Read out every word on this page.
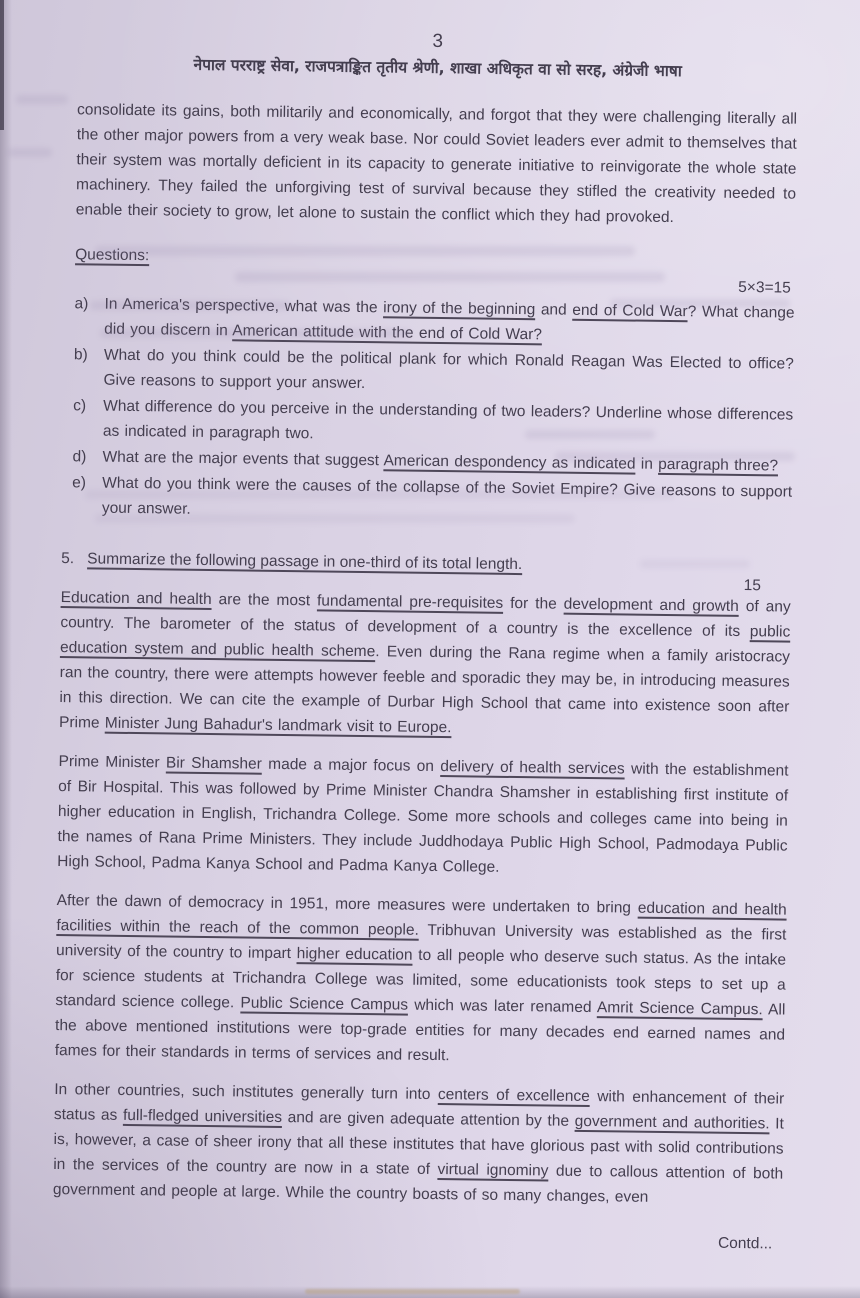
3
नेपाल परराष्ट्र सेवा, राजपत्राङ्कित तृतीय श्रेणी, शाखा अधिकृत वा सो सरह, अंग्रेजी भाषा

consolidate its gains, both militarily and economically, and forgot that they were challenging literally all the other major powers from a very weak base. Nor could Soviet leaders ever admit to themselves that their system was mortally deficient in its capacity to generate initiative to reinvigorate the whole state machinery. They failed the unforgiving test of survival because they stifled the creativity needed to enable their society to grow, let alone to sustain the conflict which they had provoked.

Questions:
5×3=15
a) In America's perspective, what was the irony of the beginning and end of Cold War? What change did you discern in American attitude with the end of Cold War?
b) What do you think could be the political plank for which Ronald Reagan Was Elected to office? Give reasons to support your answer.
c) What difference do you perceive in the understanding of two leaders? Underline whose differences as indicated in paragraph two.
d) What are the major events that suggest American despondency as indicated in paragraph three?
e) What do you think were the causes of the collapse of the Soviet Empire? Give reasons to support your answer.
5. Summarize the following passage in one-third of its total length.
15

Education and health are the most fundamental pre-requisites for the development and growth of any country. The barometer of the status of development of a country is the excellence of its public education system and public health scheme. Even during the Rana regime when a family aristocracy ran the country, there were attempts however feeble and sporadic they may be, in introducing measures in this direction. We can cite the example of Durbar High School that came into existence soon after Prime Minister Jung Bahadur's landmark visit to Europe.

Prime Minister Bir Shamsher made a major focus on delivery of health services with the establishment of Bir Hospital. This was followed by Prime Minister Chandra Shamsher in establishing first institute of higher education in English, Trichandra College. Some more schools and colleges came into being in the names of Rana Prime Ministers. They include Juddhodaya Public High School, Padmodaya Public High School, Padma Kanya School and Padma Kanya College.

After the dawn of democracy in 1951, more measures were undertaken to bring education and health facilities within the reach of the common people. Tribhuvan University was established as the first university of the country to impart higher education to all people who deserve such status. As the intake for science students at Trichandra College was limited, some educationists took steps to set up a standard science college. Public Science Campus which was later renamed Amrit Science Campus. All the above mentioned institutions were top-grade entities for many decades end earned names and fames for their standards in terms of services and result.

In other countries, such institutes generally turn into centers of excellence with enhancement of their status as full-fledged universities and are given adequate attention by the government and authorities. It is, however, a case of sheer irony that all these institutes that have glorious past with solid contributions in the services of the country are now in a state of virtual ignominy due to callous attention of both government and people at large. While the country boasts of so many changes, even

Contd...
